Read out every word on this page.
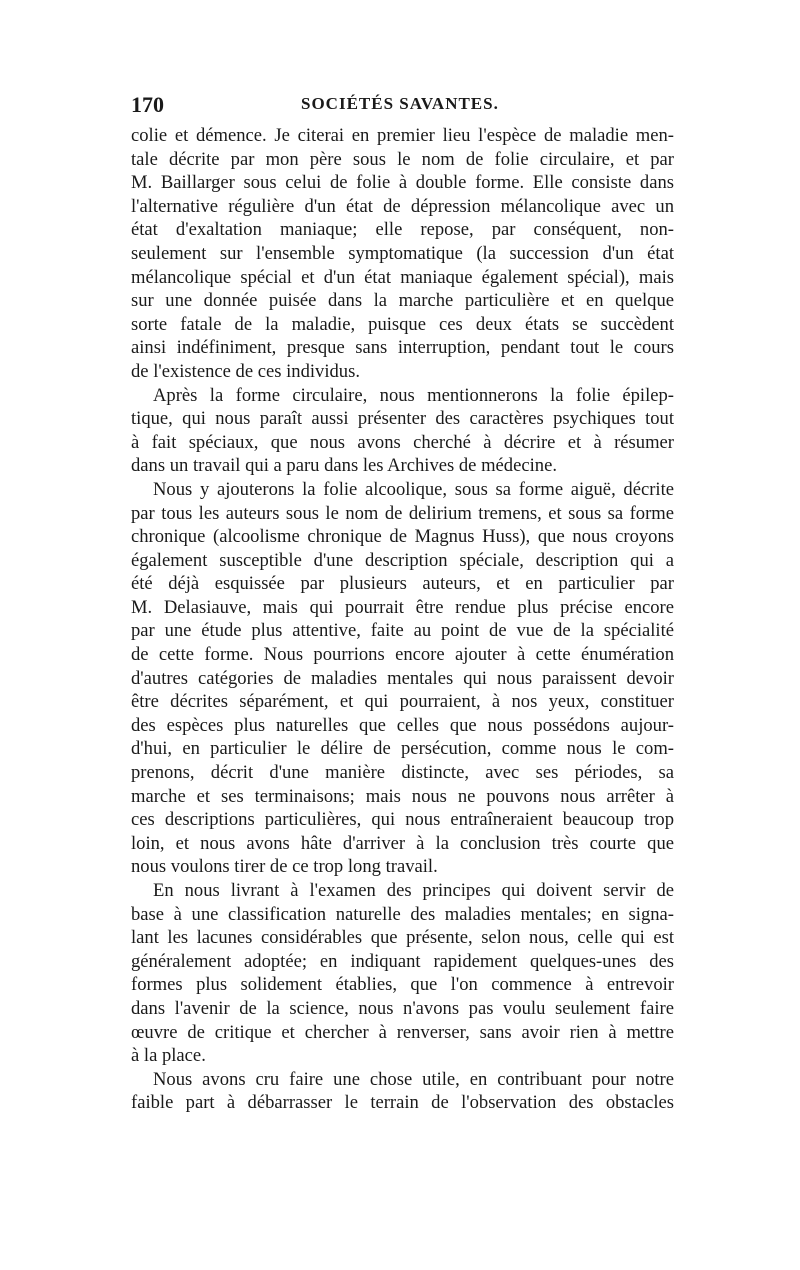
170	SOCIÉTÉS SAVANTES.
colie et démence. Je citerai en premier lieu l'espèce de maladie men-
tale décrite par mon père sous le nom de folie circulaire, et par
M. Baillarger sous celui de folie à double forme. Elle consiste dans
l'alternative régulière d'un état de dépression mélancolique avec un
état d'exaltation maniaque; elle repose, par conséquent, non-
seulement sur l'ensemble symptomatique (la succession d'un état
mélancolique spécial et d'un état maniaque également spécial), mais
sur une donnée puisée dans la marche particulière et en quelque
sorte fatale de la maladie, puisque ces deux états se succèdent
ainsi indéfiniment, presque sans interruption, pendant tout le cours
de l'existence de ces individus.
Après la forme circulaire, nous mentionnerons la folie épilep-
tique, qui nous paraît aussi présenter des caractères psychiques tout
à fait spéciaux, que nous avons cherché à décrire et à résumer
dans un travail qui a paru dans les Archives de médecine.
Nous y ajouterons la folie alcoolique, sous sa forme aiguë, décrite
par tous les auteurs sous le nom de delirium tremens, et sous sa forme
chronique (alcoolisme chronique de Magnus Huss), que nous croyons
également susceptible d'une description spéciale, description qui a
été déjà esquissée par plusieurs auteurs, et en particulier par
M. Delasiauve, mais qui pourrait être rendue plus précise encore
par une étude plus attentive, faite au point de vue de la spécialité
de cette forme. Nous pourrions encore ajouter à cette énumération
d'autres catégories de maladies mentales qui nous paraissent devoir
être décrites séparément, et qui pourraient, à nos yeux, constituer
des espèces plus naturelles que celles que nous possédons aujour-
d'hui, en particulier le délire de persécution, comme nous le com-
prenons, décrit d'une manière distincte, avec ses périodes, sa
marche et ses terminaisons; mais nous ne pouvons nous arrêter à
ces descriptions particulières, qui nous entraîneraient beaucoup trop
loin, et nous avons hâte d'arriver à la conclusion très courte que
nous voulons tirer de ce trop long travail.
En nous livrant à l'examen des principes qui doivent servir de
base à une classification naturelle des maladies mentales; en signa-
lant les lacunes considérables que présente, selon nous, celle qui est
généralement adoptée; en indiquant rapidement quelques-unes des
formes plus solidement établies, que l'on commence à entrevoir
dans l'avenir de la science, nous n'avons pas voulu seulement faire
œuvre de critique et chercher à renverser, sans avoir rien à mettre
à la place.
Nous avons cru faire une chose utile, en contribuant pour notre
faible part à débarrasser le terrain de l'observation des obstacles
